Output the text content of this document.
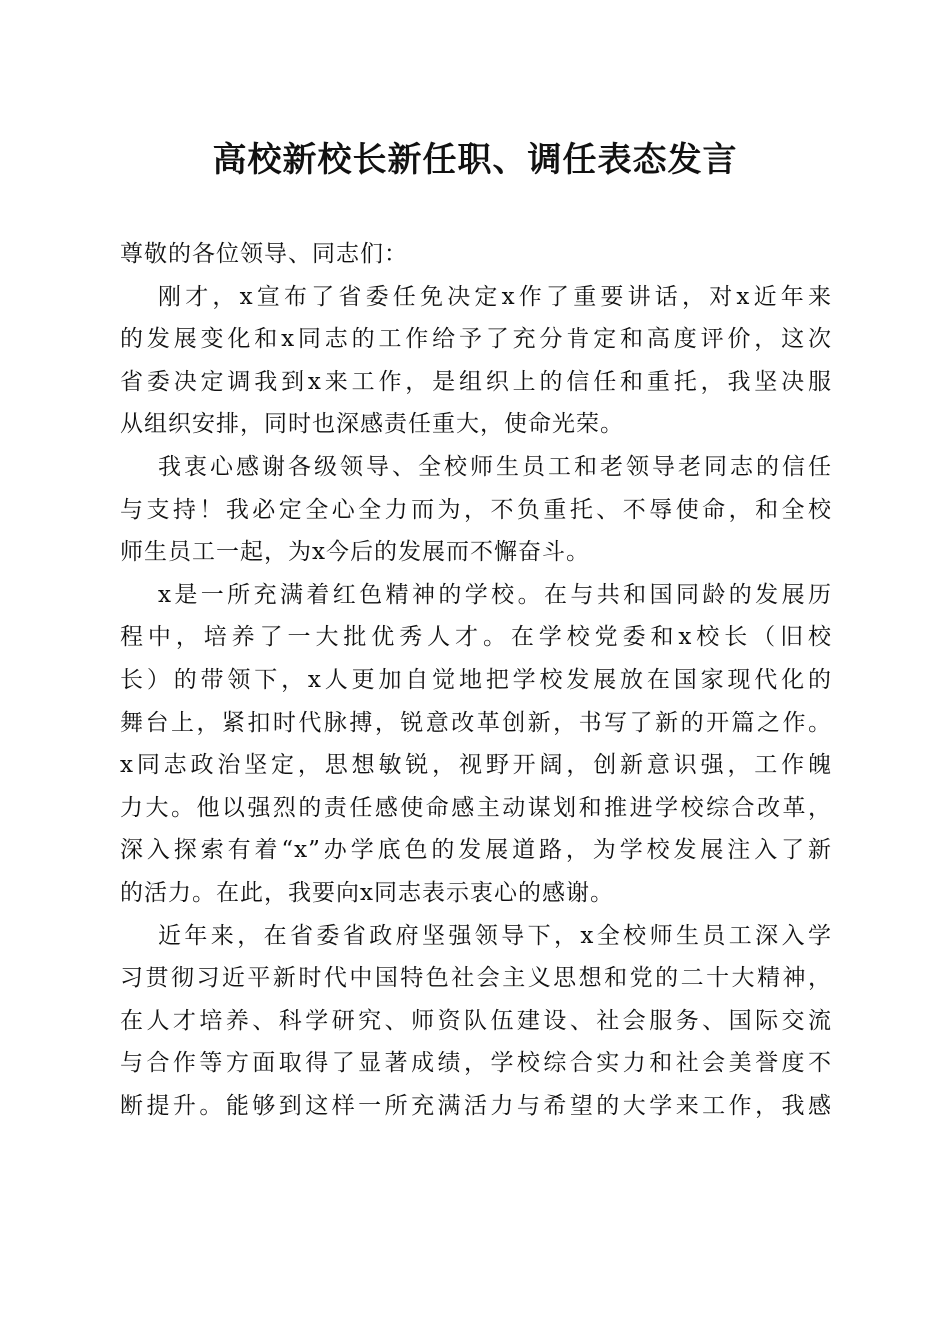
高校新校长新任职、调任表态发言
尊敬的各位领导、同志们：
刚才，x宣布了省委任免决定x作了重要讲话，对x近年来
的发展变化和x同志的工作给予了充分肯定和高度评价，这次
省委决定调我到x来工作，是组织上的信任和重托，我坚决服
从组织安排，同时也深感责任重大，使命光荣。
我衷心感谢各级领导、全校师生员工和老领导老同志的信任
与支持！我必定全心全力而为，不负重托、不辱使命，和全校
师生员工一起，为x今后的发展而不懈奋斗。
x是一所充满着红色精神的学校。在与共和国同龄的发展历
程中，培养了一大批优秀人才。在学校党委和x校长（旧校
长）的带领下，x人更加自觉地把学校发展放在国家现代化的
舞台上，紧扣时代脉搏，锐意改革创新，书写了新的开篇之作。
x同志政治坚定，思想敏锐，视野开阔，创新意识强，工作魄
力大。他以强烈的责任感使命感主动谋划和推进学校综合改革，
深入探索有着“x”办学底色的发展道路，为学校发展注入了新
的活力。在此，我要向x同志表示衷心的感谢。
近年来，在省委省政府坚强领导下，x全校师生员工深入学
习贯彻习近平新时代中国特色社会主义思想和党的二十大精神，
在人才培养、科学研究、师资队伍建设、社会服务、国际交流
与合作等方面取得了显著成绩，学校综合实力和社会美誉度不
断提升。能够到这样一所充满活力与希望的大学来工作，我感
